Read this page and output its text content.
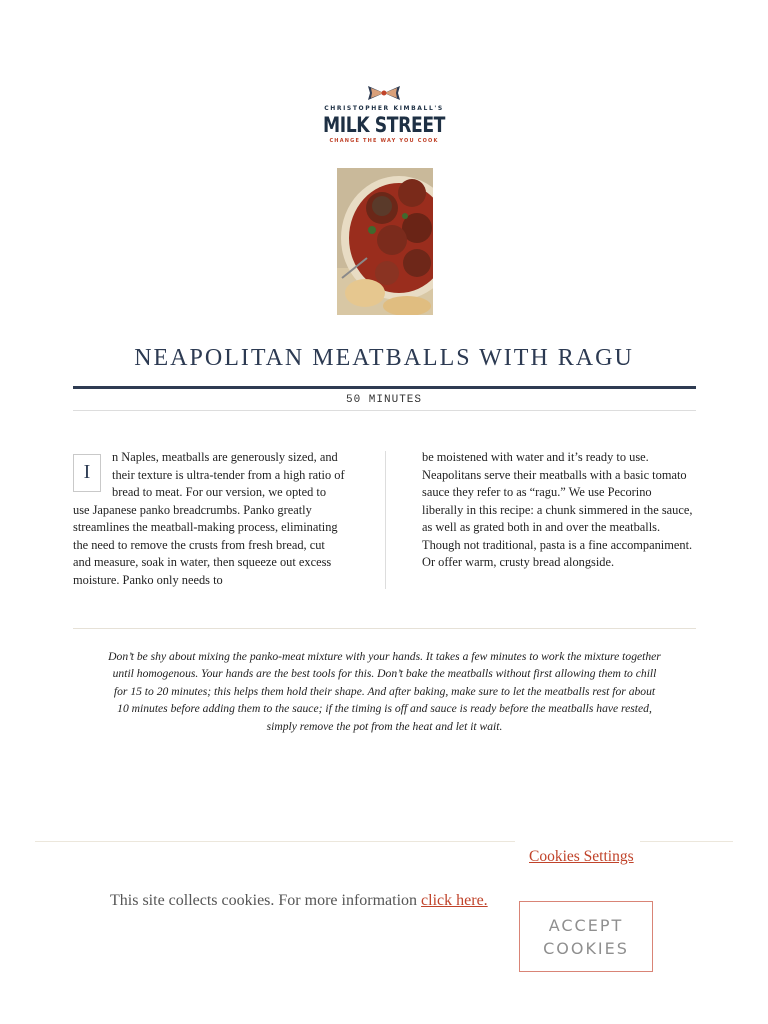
CHRISTOPHER KIMBALL'S
MILK STREET
CHANGE THE WAY YOU COOK
NEAPOLITAN MEATBALLS WITH RAGU
50 MINUTES
I
n Naples, meatballs are generously sized, and their texture is ultra-tender from a high ratio of bread to meat. For our version, we opted to use Japanese panko breadcrumbs. Panko greatly streamlines the meatball-making process, eliminating the need to remove the crusts from fresh bread, cut and measure, soak in water, then squeeze out excess moisture. Panko only needs to
be moistened with water and it’s ready to use. Neapolitans serve their meatballs with a basic tomato sauce they refer to as “ragu.” We use Pecorino liberally in this recipe: a chunk simmered in the sauce, as well as grated both in and over the meatballs. Though not traditional, pasta is a fine accompaniment. Or offer warm, crusty bread alongside.
Don’t be shy about mixing the panko-meat mixture with your hands. It takes a few minutes to work the mixture together until homogenous. Your hands are the best tools for this. Don’t bake the meatballs without first allowing them to chill for 15 to 20 minutes; this helps them hold their shape. And after baking, make sure to let the meatballs rest for about 10 minutes before adding them to the sauce; if the timing is off and sauce is ready before the meatballs have rested, simply remove the pot from the heat and let it wait.
Cookies Settings
This site collects cookies. For more information click here.
ACCEPT COOKIES
